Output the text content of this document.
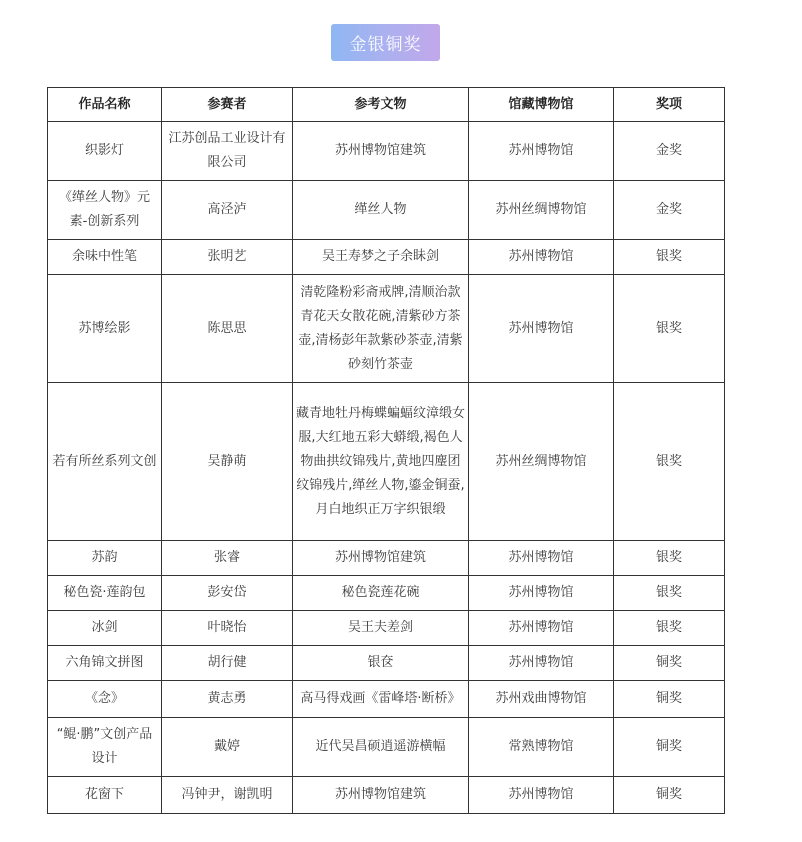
金银铜奖
作品名称	参赛者	参考文物	馆藏博物馆	奖项
织影灯	江苏创品工业设计有限公司	苏州博物馆建筑	苏州博物馆	金奖
《缂丝人物》元素-创新系列	高泾泸	缂丝人物	苏州丝绸博物馆	金奖
余味中性笔	张明艺	吴王寿梦之子余眛剑	苏州博物馆	银奖
苏博绘影	陈思思	清乾隆粉彩斋戒牌,清顺治款青花天女散花碗,清紫砂方茶壶,清杨彭年款紫砂茶壶,清紫砂刻竹茶壶	苏州博物馆	银奖
若有所丝系列文创	吴静萌	藏青地牡丹梅蝶蝙蝠纹漳缎女服,大红地五彩大蟒缎,褐色人物曲拱纹锦残片,黄地四麈团纹锦残片,缂丝人物,鎏金铜蚕,月白地织正万字织银缎	苏州丝绸博物馆	银奖
苏韵	张睿	苏州博物馆建筑	苏州博物馆	银奖
秘色瓷·莲韵包	彭安岱	秘色瓷莲花碗	苏州博物馆	银奖
冰剑	叶晓怡	吴王夫差剑	苏州博物馆	银奖
六角锦文拼图	胡行健	银奁	苏州博物馆	铜奖
《念》	黄志勇	高马得戏画《雷峰塔·断桥》	苏州戏曲博物馆	铜奖
“鲲·鹏”文创产品设计	戴婷	近代吴昌硕逍遥游横幅	常熟博物馆	铜奖
花窗下	冯钟尹，谢凯明	苏州博物馆建筑	苏州博物馆	铜奖
